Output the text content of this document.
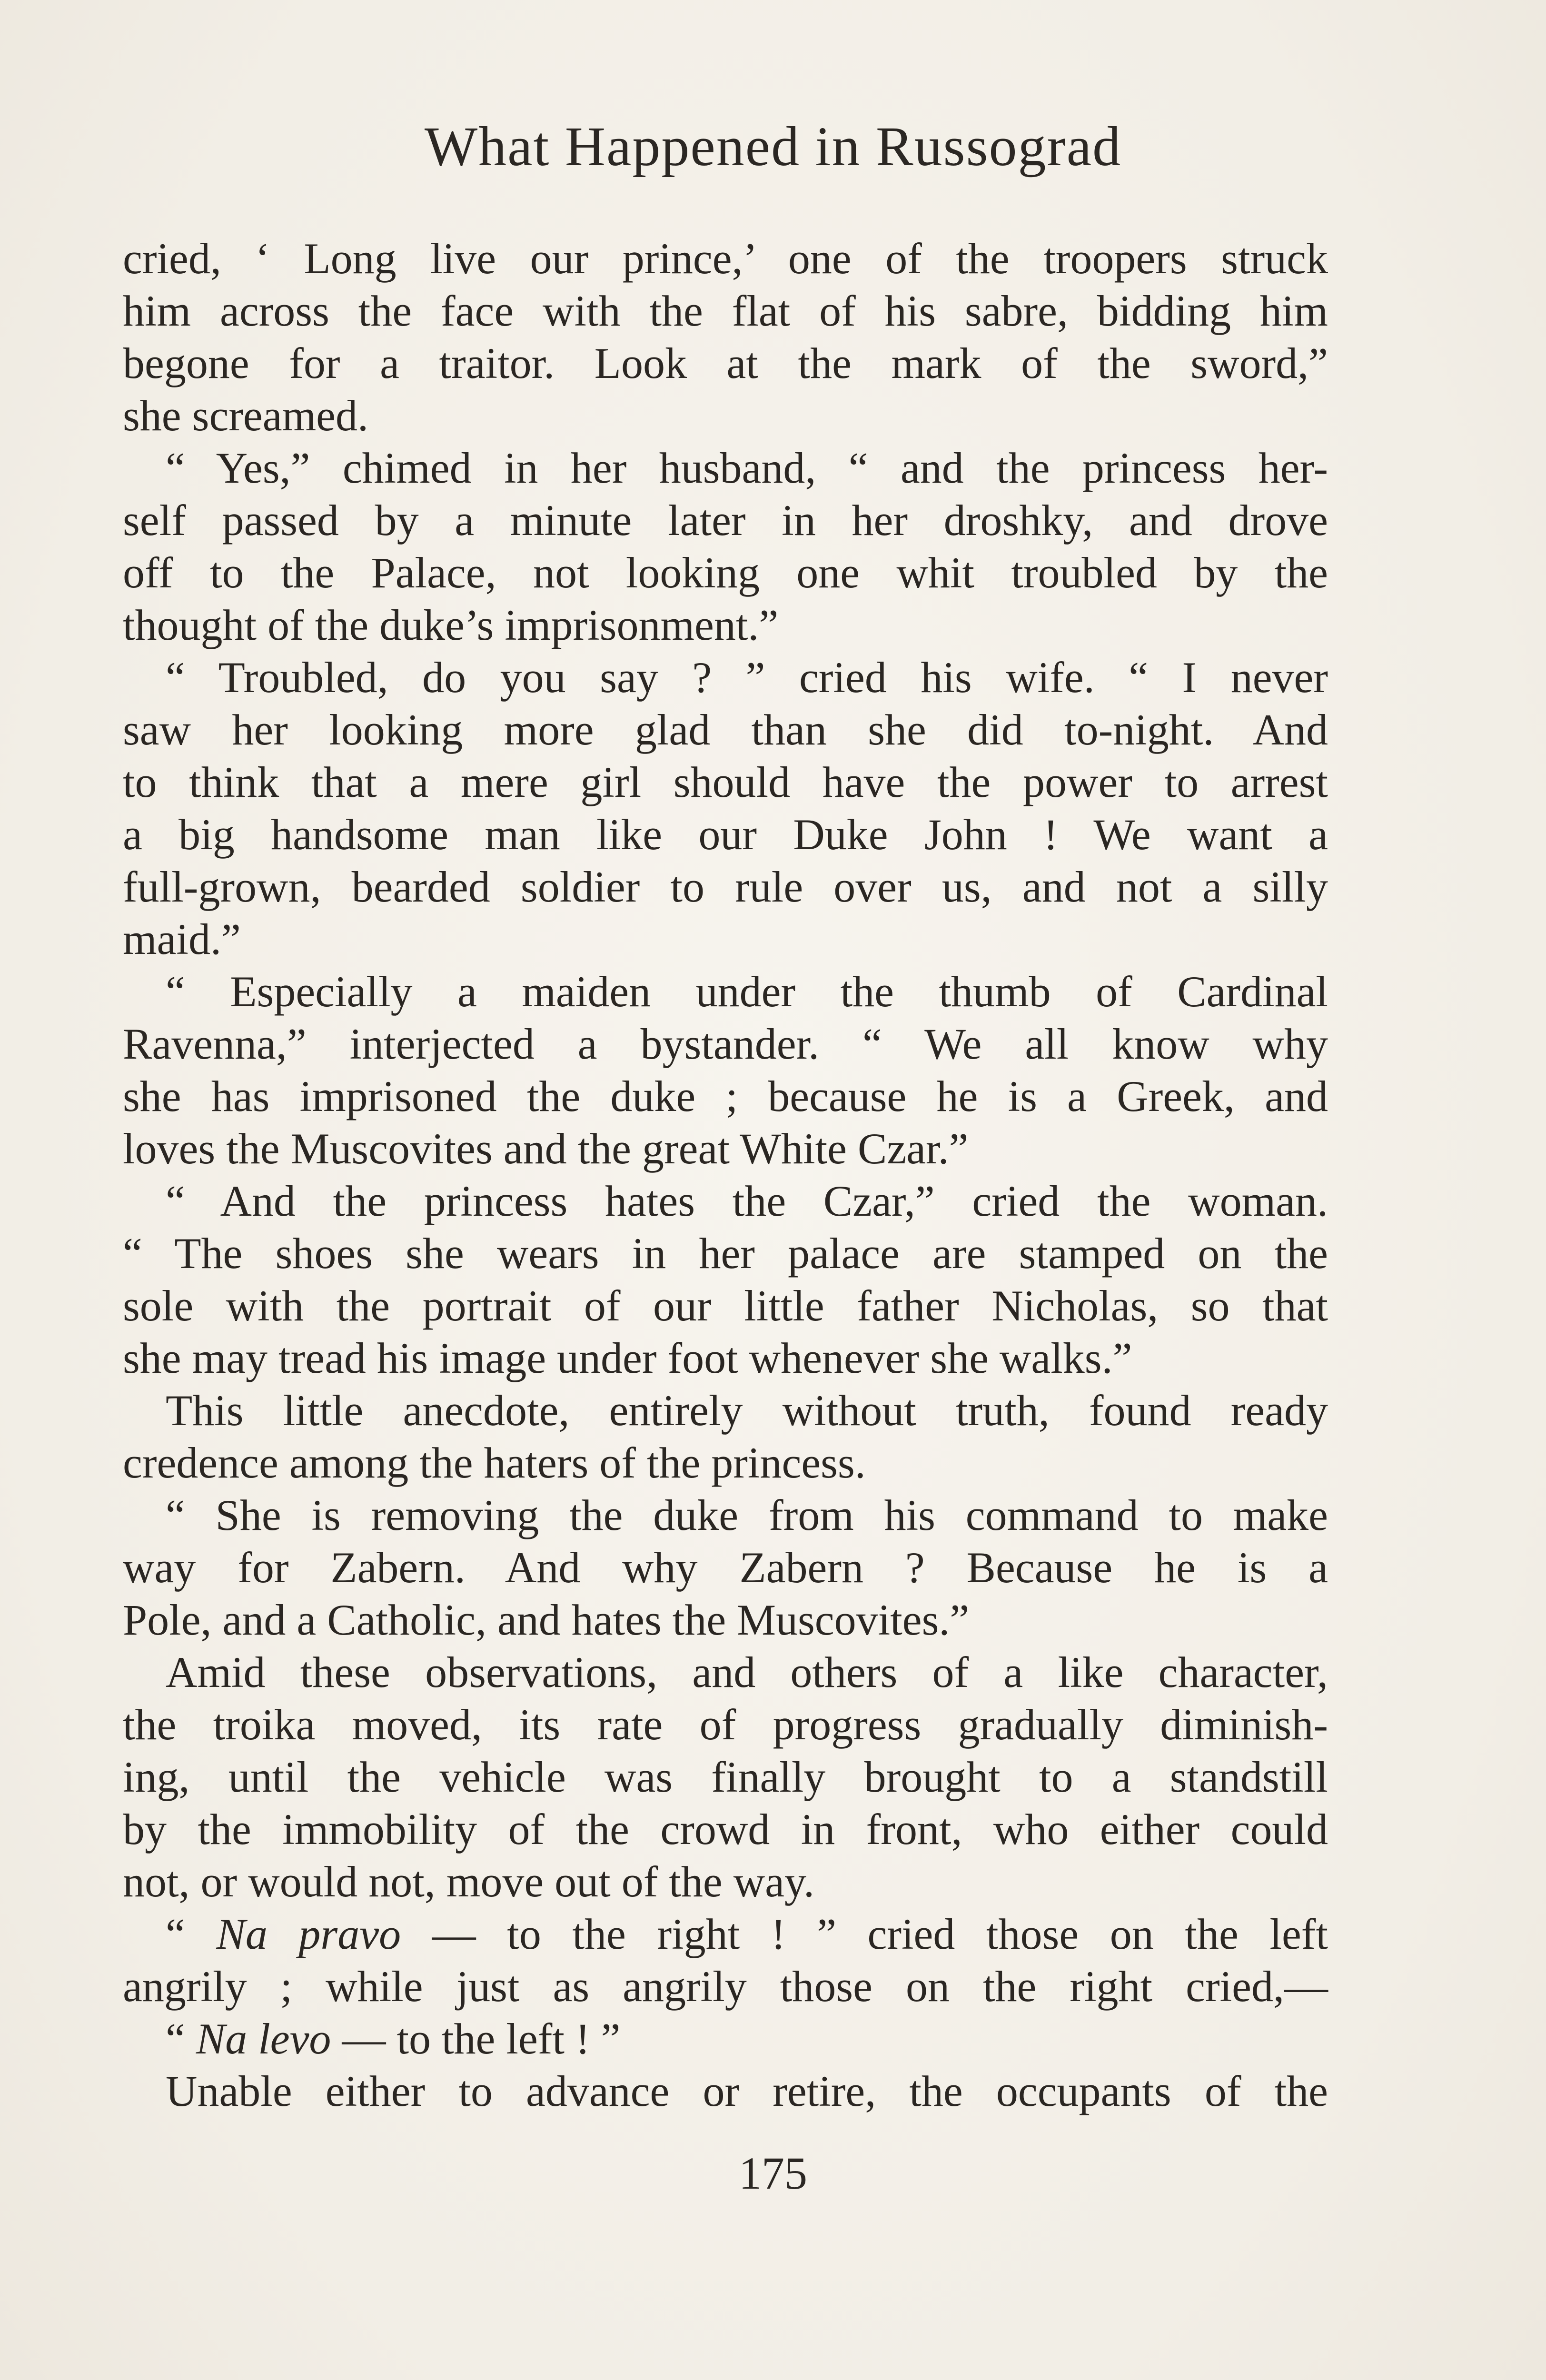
What Happened in Russograd
cried, ‘ Long live our prince,’ one of the troopers struck
him across the face with the flat of his sabre, bidding him
begone for a traitor. Look at the mark of the sword,”
she screamed.
“ Yes,” chimed in her husband, “ and the princess her-
self passed by a minute later in her droshky, and drove
off to the Palace, not looking one whit troubled by the
thought of the duke’s imprisonment.”
“ Troubled, do you say ? ” cried his wife. “ I never
saw her looking more glad than she did to-night. And
to think that a mere girl should have the power to arrest
a big handsome man like our Duke John ! We want a
full-grown, bearded soldier to rule over us, and not a silly
maid.”
“ Especially a maiden under the thumb of Cardinal
Ravenna,” interjected a bystander. “ We all know why
she has imprisoned the duke ; because he is a Greek, and
loves the Muscovites and the great White Czar.”
“ And the princess hates the Czar,” cried the woman.
“ The shoes she wears in her palace are stamped on the
sole with the portrait of our little father Nicholas, so that
she may tread his image under foot whenever she walks.”
This little anecdote, entirely without truth, found ready
credence among the haters of the princess.
“ She is removing the duke from his command to make
way for Zabern. And why Zabern ? Because he is a
Pole, and a Catholic, and hates the Muscovites.”
Amid these observations, and others of a like character,
the troika moved, its rate of progress gradually diminish-
ing, until the vehicle was finally brought to a standstill
by the immobility of the crowd in front, who either could
not, or would not, move out of the way.
“ Na pravo — to the right ! ” cried those on the left
angrily ; while just as angrily those on the right cried,—
“ Na levo — to the left ! ”
Unable either to advance or retire, the occupants of the
175
